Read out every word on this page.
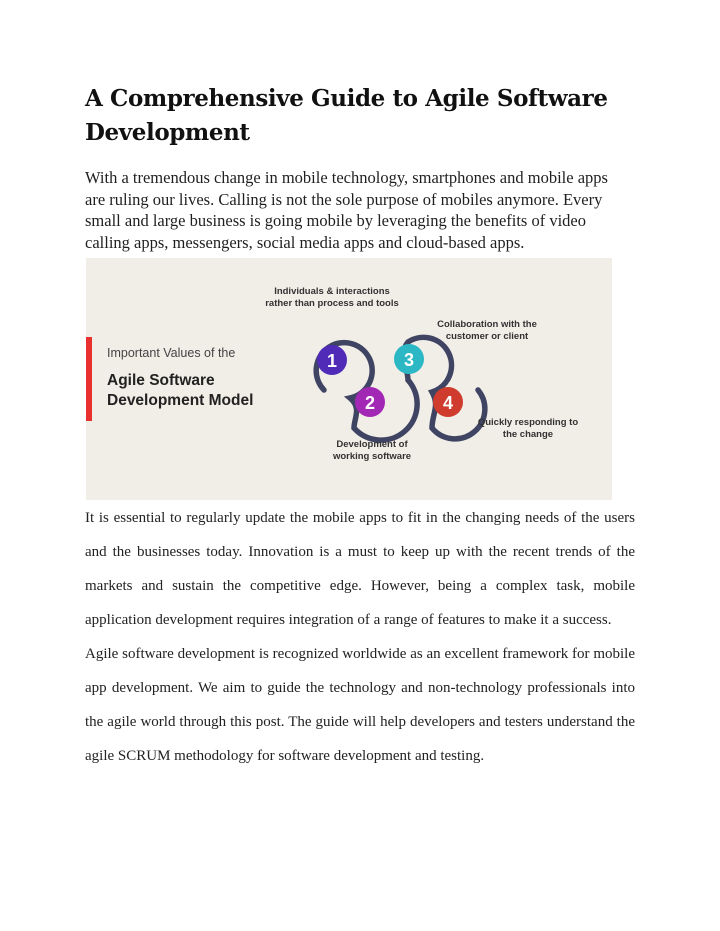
A Comprehensive Guide to Agile Software Development

With a tremendous change in mobile technology, smartphones and mobile apps are ruling our lives. Calling is not the sole purpose of mobiles anymore. Every small and large business is going mobile by leveraging the benefits of video calling apps, messengers, social media apps and cloud-based apps.

Important Values of the
Agile Software Development Model
1
2
3
4
Individuals & interactions rather than process and tools
Collaboration with the customer or client
Quickly responding to the change
Development of working software

It is essential to regularly update the mobile apps to fit in the changing needs of the users and the businesses today. Innovation is a must to keep up with the recent trends of the markets and sustain the competitive edge. However, being a complex task, mobile application development requires integration of a range of features to make it a success.

Agile software development is recognized worldwide as an excellent framework for mobile app development. We aim to guide the technology and non-technology professionals into the agile world through this post. The guide will help developers and testers understand the agile SCRUM methodology for software development and testing.
